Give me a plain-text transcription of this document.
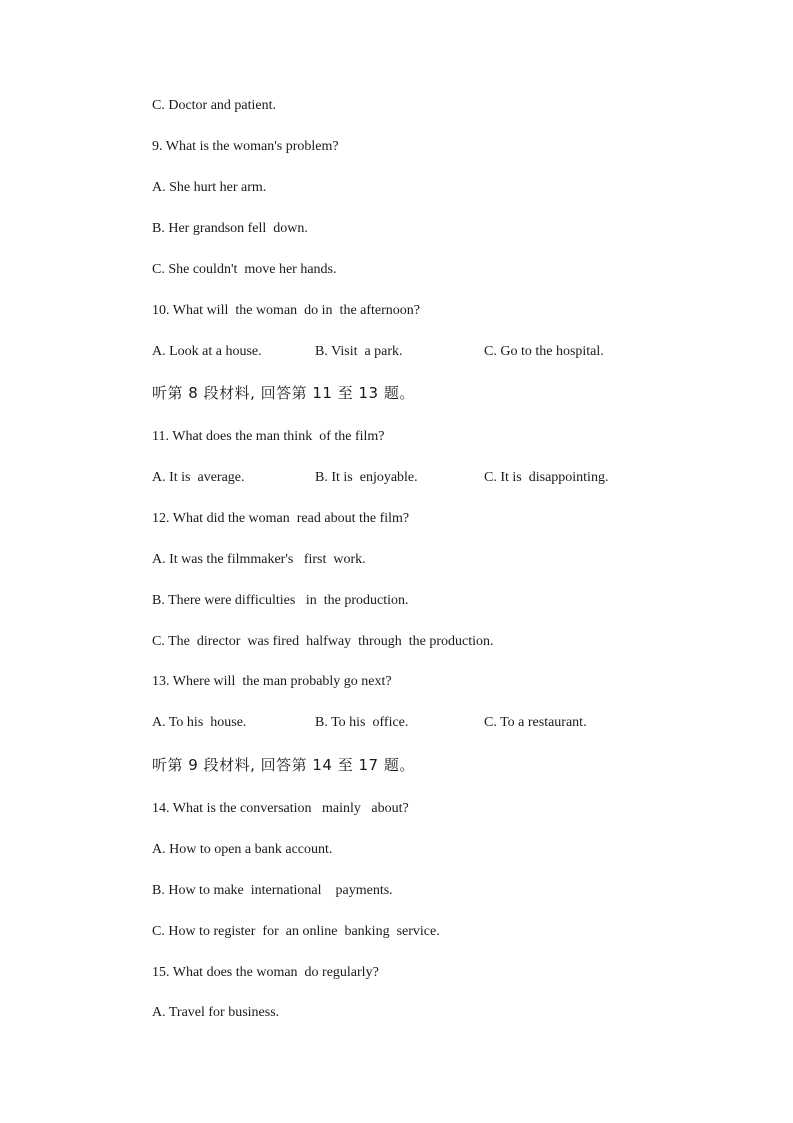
C. Doctor and patient.
9. What is the woman's problem?
A. She hurt her arm.
B. Her grandson fell  down.
C. She couldn't  move her hands.
10. What will  the woman  do in  the afternoon?
A. Look at a house.	B. Visit  a park.	C. Go to the hospital.
听第 8 段材料, 回答第 11 至 13 题。
11. What does the man think  of the film?
A. It is  average.	B. It is  enjoyable.	C. It is  disappointing.
12. What did the woman  read about the film?
A. It was the filmmaker's   first  work.
B. There were difficulties   in  the production.
C. The  director  was fired  halfway  through  the production.
13. Where will  the man probably go next?
A. To his  house.	B. To his  office.	C. To a restaurant.
听第 9 段材料, 回答第 14 至 17 题。
14. What is the conversation   mainly   about?
A. How to open a bank account.
B. How to make  international    payments.
C. How to register  for  an online  banking  service.
15. What does the woman  do regularly?
A. Travel for business.
